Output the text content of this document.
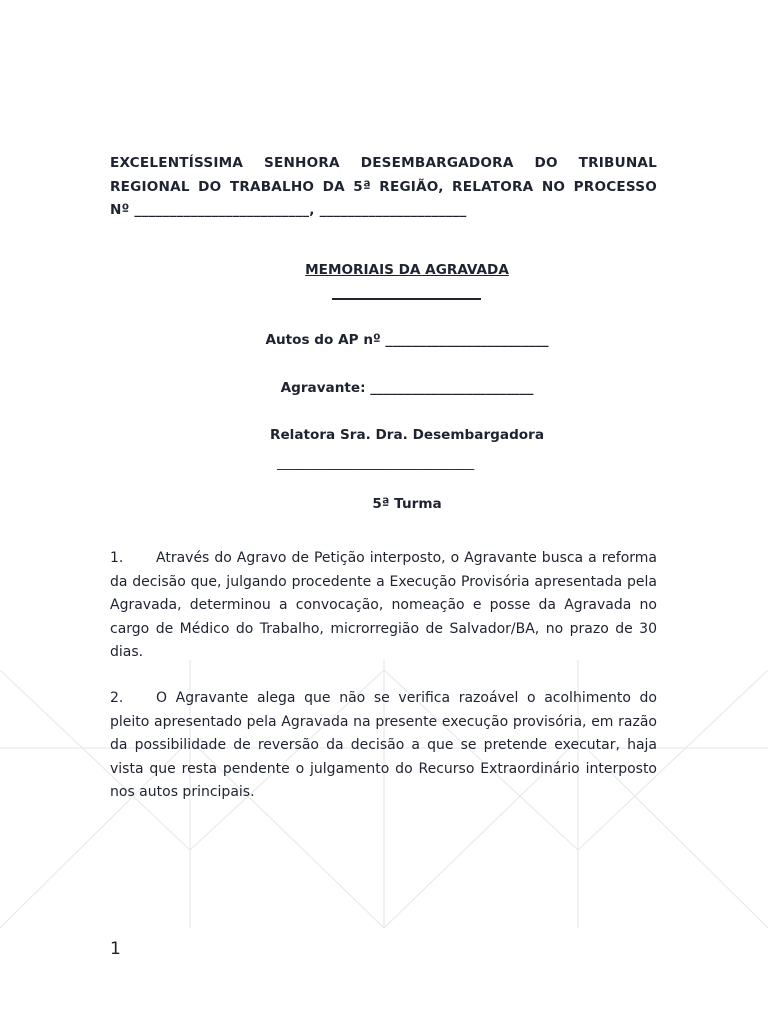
EXCELENTÍSSIMA SENHORA DESEMBARGADORA DO TRIBUNAL
REGIONAL DO TRABALHO DA 5ª REGIÃO, RELATORA NO PROCESSO
Nº _________________________, _____________________
MEMORIAIS DA AGRAVADA
Autos do AP nº ________________________
Agravante: ________________________
Relatora Sra. Dra. Desembargadora
_____________________________
5ª Turma
1. Através do Agravo de Petição interposto, o Agravante busca a reforma da decisão que, julgando procedente a Execução Provisória apresentada pela Agravada, determinou a convocação, nomeação e posse da Agravada no cargo de Médico do Trabalho, microrregião de Salvador/BA, no prazo de 30 dias.
2. O Agravante alega que não se verifica razoável o acolhimento do pleito apresentado pela Agravada na presente execução provisória, em razão da possibilidade de reversão da decisão a que se pretende executar, haja vista que resta pendente o julgamento do Recurso Extraordinário interposto nos autos principais.
1
